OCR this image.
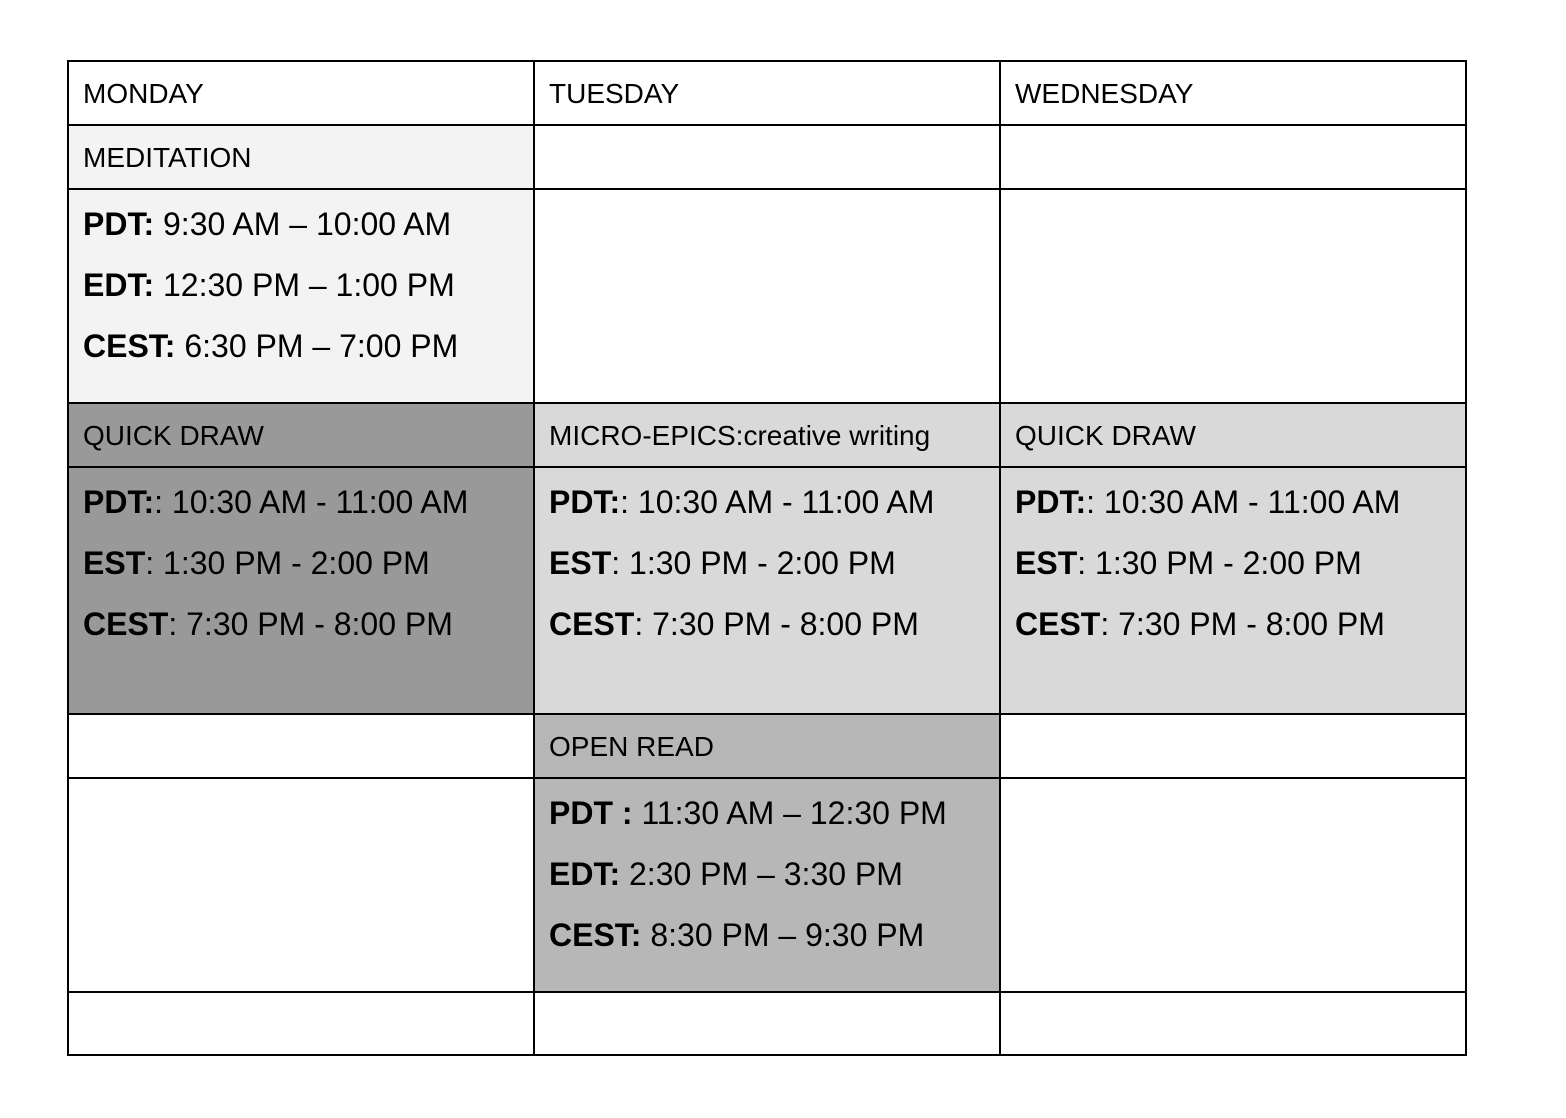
MONDAY	TUESDAY	WEDNESDAY
MEDITATION		

PDT: 9:30 AM – 10:00 AM
EDT: 12:30 PM – 1:00 PM
CEST: 6:30 PM – 7:00 PM		

QUICK DRAW	MICRO-EPICS:creative writing	QUICK DRAW

PDT:: 10:30 AM - 11:00 AM
EST: 1:30 PM - 2:00 PM
CEST: 7:30 PM - 8:00 PM	PDT:: 10:30 AM - 11:00 AM
EST: 1:30 PM - 2:00 PM
CEST: 7:30 PM - 8:00 PM	PDT:: 10:30 AM - 11:00 AM
EST: 1:30 PM - 2:00 PM
CEST: 7:30 PM - 8:00 PM

	OPEN READ	

	PDT : 11:30 AM – 12:30 PM
EDT: 2:30 PM – 3:30 PM
CEST: 8:30 PM – 9:30 PM	
